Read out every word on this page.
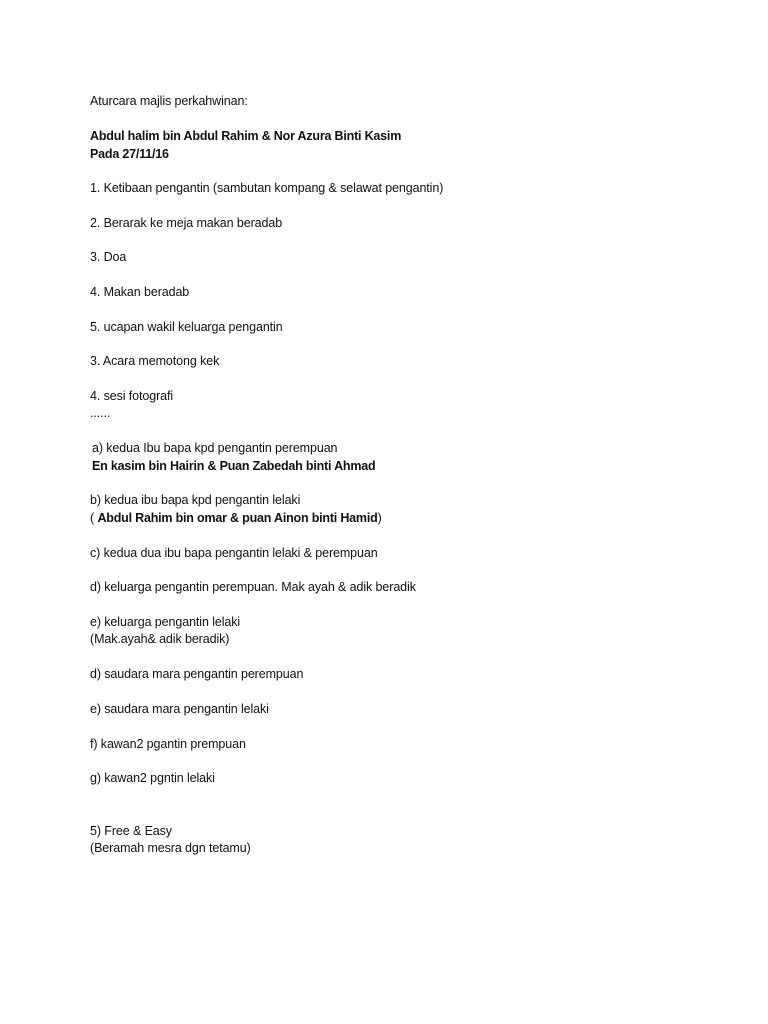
Aturcara majlis perkahwinan:
Abdul halim bin Abdul Rahim & Nor Azura Binti Kasim
Pada 27/11/16
1. Ketibaan pengantin (sambutan kompang & selawat pengantin)
2. Berarak ke meja makan beradab
3. Doa
4. Makan beradab
5. ucapan wakil keluarga pengantin
3. Acara memotong kek
4. sesi fotografi
......
a) kedua Ibu bapa kpd pengantin perempuan
En kasim bin Hairin & Puan Zabedah binti Ahmad
b) kedua ibu bapa kpd pengantin lelaki
( Abdul Rahim bin omar & puan Ainon binti Hamid)
c) kedua dua ibu bapa pengantin lelaki & perempuan
d) keluarga pengantin perempuan. Mak ayah & adik beradik
e) keluarga pengantin lelaki
(Mak.ayah& adik beradik)
d) saudara mara pengantin perempuan
e) saudara mara pengantin lelaki
f) kawan2 pgantin prempuan
g) kawan2 pgntin lelaki
5) Free & Easy
(Beramah mesra dgn tetamu)
